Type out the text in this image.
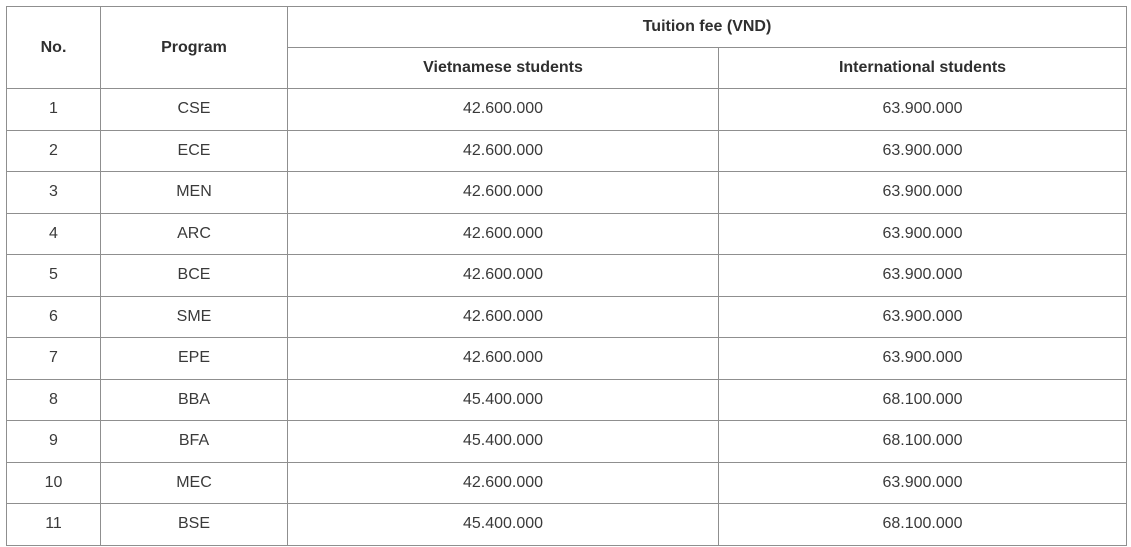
No.	Program	Tuition fee (VND)	
		Vietnamese students	International students
1	CSE	42.600.000	63.900.000
2	ECE	42.600.000	63.900.000
3	MEN	42.600.000	63.900.000
4	ARC	42.600.000	63.900.000
5	BCE	42.600.000	63.900.000
6	SME	42.600.000	63.900.000
7	EPE	42.600.000	63.900.000
8	BBA	45.400.000	68.100.000
9	BFA	45.400.000	68.100.000
10	MEC	42.600.000	63.900.000
11	BSE	45.400.000	68.100.000
